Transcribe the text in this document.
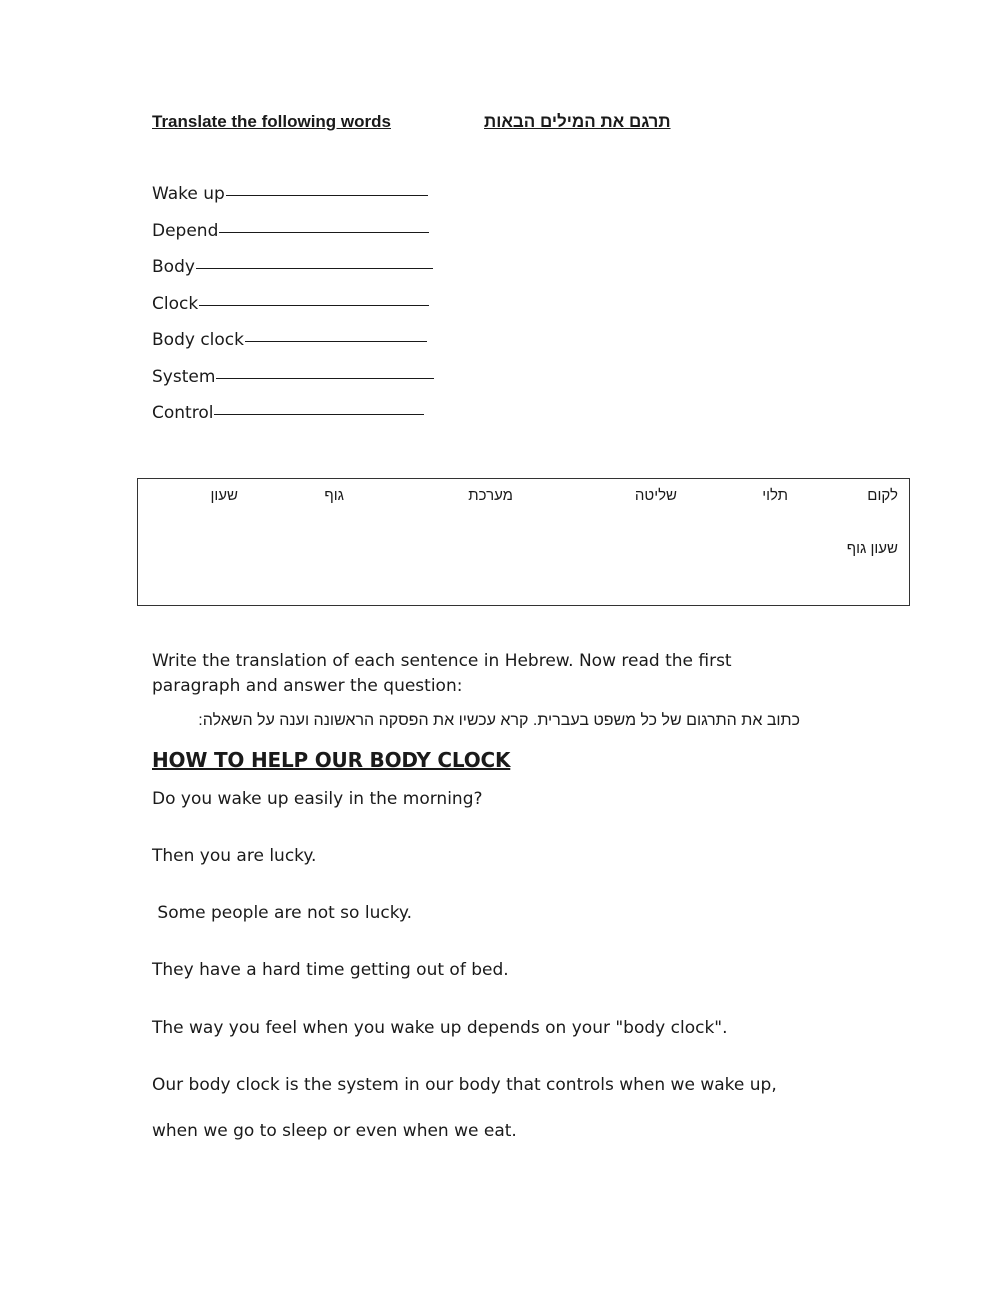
Translate the following words	תרגם את המילים הבאות
Wake up
Depend
Body
Clock
Body clock
System
Control
לקום
תלוי
שליטה
מערכת
גוף
שעון
שעון גוף
Write the translation of each sentence in Hebrew. Now read the first
paragraph and answer the question:
כתוב את התרגום של כל משפט בעברית. קרא עכשיו את הפסקה הראשונה וענה על השאלה:
HOW TO HELP OUR BODY CLOCK
Do you wake up easily in the morning?
Then you are lucky.
Some people are not so lucky.
They have a hard time getting out of bed.
The way you feel when you wake up depends on your "body clock".
Our body clock is the system in our body that controls when we wake up,
when we go to sleep or even when we eat.
